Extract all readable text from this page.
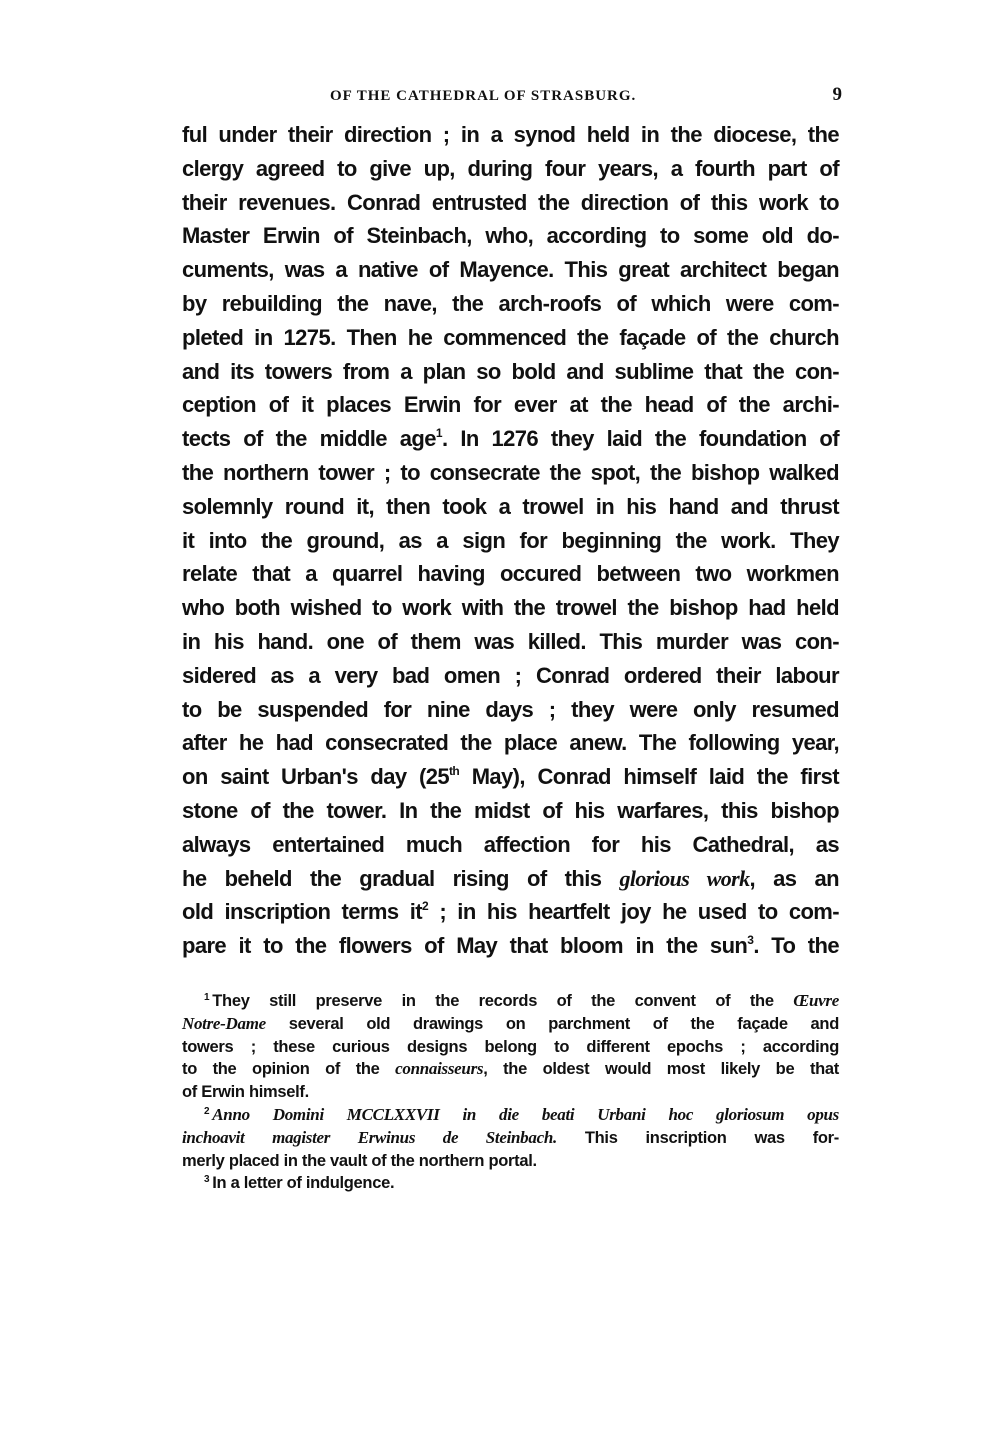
OF THE CATHEDRAL OF STRASBURG.	9
ful under their direction ; in a synod held in the diocese, the
clergy agreed to give up, during four years, a fourth part of
their revenues. Conrad entrusted the direction of this work to
Master Erwin of Steinbach, who, according to some old do-
cuments, was a native of Mayence. This great architect began
by rebuilding the nave, the arch-roofs of which were com-
pleted in 1275. Then he commenced the façade of the church
and its towers from a plan so bold and sublime that the con-
ception of it places Erwin for ever at the head of the archi-
tects of the middle age$^1$. In 1276 they laid the foundation of
the northern tower ; to consecrate the spot, the bishop walked
solemnly round it, then took a trowel in his hand and thrust
it into the ground, as a sign for beginning the work. They
relate that a quarrel having occured between two workmen
who both wished to work with the trowel the bishop had held
in his hand. one of them was killed. This murder was con-
sidered as a very bad omen ; Conrad ordered their labour
to be suspended for nine days ; they were only resumed
after he had consecrated the place anew. The following year,
on saint Urban's day (25th May), Conrad himself laid the first
stone of the tower. In the midst of his warfares, this bishop
always entertained much affection for his Cathedral, as
he beheld the gradual rising of this glorious work, as an
old inscription terms $it^2$ ; in his heartfelt joy he used to com-
pare it to the flowers of May that bloom in the sun$^3$. To the
$^1$ They still preserve in the records of the convent of the Œuvre
Notre-Dame several old drawings on parchment of the façade and
towers ; these curious designs belong to different epochs ; according
to the opinion of the connaisseurs, the oldest would most likely be that
of Erwin himself.
$^2$ Anno Domini MCCLXXVII in die beati Urbani hoc gloriosum opus
inchoavit magister Erwinus de Steinbach. This inscription was for-
merly placed in the vault of the northern portal.
$^3$ In a letter of indulgence.
